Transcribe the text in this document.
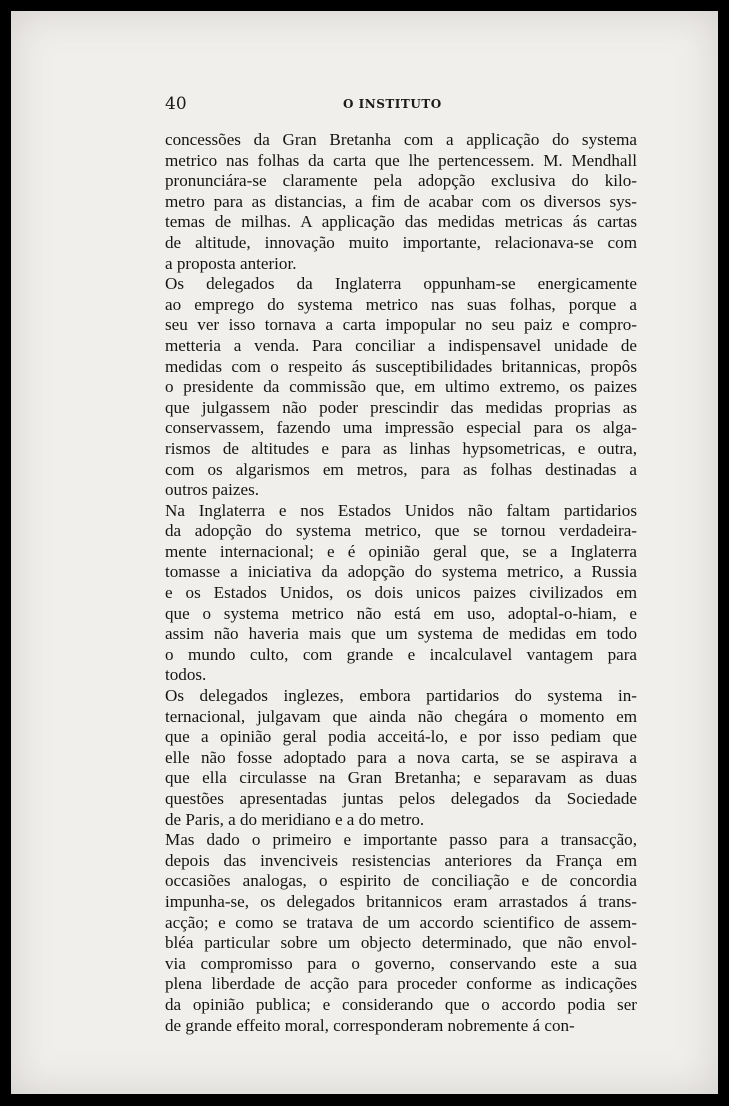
40	O INSTITUTO
concessões da Gran Bretanha com a applicação do systema
metrico nas folhas da carta que lhe pertencessem. M. Mendhall
pronunciára-se claramente pela adopção exclusiva do kilo-
metro para as distancias, a fim de acabar com os diversos sys-
temas de milhas. A applicação das medidas metricas ás cartas
de altitude, innovação muito importante, relacionava-se com
a proposta anterior.
Os delegados da Inglaterra oppunham-se energicamente
ao emprego do systema metrico nas suas folhas, porque a
seu ver isso tornava a carta impopular no seu paiz e compro-
metteria a venda. Para conciliar a indispensavel unidade de
medidas com o respeito ás susceptibilidades britannicas, propôs
o presidente da commissão que, em ultimo extremo, os paizes
que julgassem não poder prescindir das medidas proprias as
conservassem, fazendo uma impressão especial para os alga-
rismos de altitudes e para as linhas hypsometricas, e outra,
com os algarismos em metros, para as folhas destinadas a
outros paizes.
Na Inglaterra e nos Estados Unidos não faltam partidarios
da adopção do systema metrico, que se tornou verdadeira-
mente internacional; e é opinião geral que, se a Inglaterra
tomasse a iniciativa da adopção do systema metrico, a Russia
e os Estados Unidos, os dois unicos paizes civilizados em
que o systema metrico não está em uso, adoptal-o-hiam, e
assim não haveria mais que um systema de medidas em todo
o mundo culto, com grande e incalculavel vantagem para
todos.
Os delegados inglezes, embora partidarios do systema in-
ternacional, julgavam que ainda não chegára o momento em
que a opinião geral podia acceitá-lo, e por isso pediam que
elle não fosse adoptado para a nova carta, se se aspirava a
que ella circulasse na Gran Bretanha; e separavam as duas
questões apresentadas juntas pelos delegados da Sociedade
de Paris, a do meridiano e a do metro.
Mas dado o primeiro e importante passo para a transacção,
depois das invenciveis resistencias anteriores da França em
occasiões analogas, o espirito de conciliação e de concordia
impunha-se, os delegados britannicos eram arrastados á trans-
acção; e como se tratava de um accordo scientifico de assem-
bléa particular sobre um objecto determinado, que não envol-
via compromisso para o governo, conservando este a sua
plena liberdade de acção para proceder conforme as indicações
da opinião publica; e considerando que o accordo podia ser
de grande effeito moral, corresponderam nobremente á con-
